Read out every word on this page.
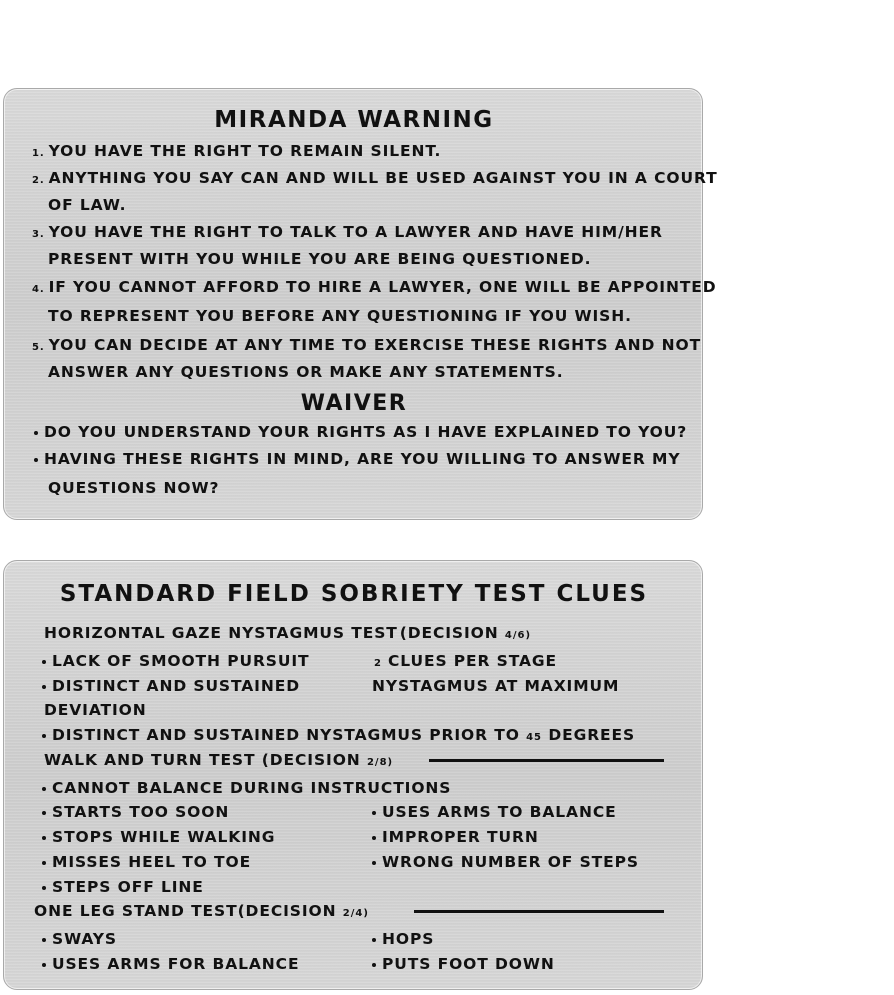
MIRANDA WARNING
1. YOU HAVE THE RIGHT TO REMAIN SILENT.
2. ANYTHING YOU SAY CAN AND WILL BE USED AGAINST YOU IN A COURT
OF LAW.
3. YOU HAVE THE RIGHT TO TALK TO A LAWYER AND HAVE HIM/HER
PRESENT WITH YOU WHILE YOU ARE BEING QUESTIONED.
4. IF YOU CANNOT AFFORD TO HIRE A LAWYER, ONE WILL BE APPOINTED
TO REPRESENT YOU BEFORE ANY QUESTIONING IF YOU WISH.
5. YOU CAN DECIDE AT ANY TIME TO EXERCISE THESE RIGHTS AND NOT
ANSWER ANY QUESTIONS OR MAKE ANY STATEMENTS.
WAIVER
DO YOU UNDERSTAND YOUR RIGHTS AS I HAVE EXPLAINED TO YOU?
HAVING THESE RIGHTS IN MIND, ARE YOU WILLING TO ANSWER MY
QUESTIONS NOW?
STANDARD FIELD SOBRIETY TEST CLUES
HORIZONTAL GAZE NYSTAGMUS TEST (DECISION 4/6)
LACK OF SMOOTH PURSUIT	2 CLUES PER STAGE
DISTINCT AND SUSTAINED	NYSTAGMUS AT MAXIMUM
DEVIATION
DISTINCT AND SUSTAINED NYSTAGMUS PRIOR TO 45 DEGREES
WALK AND TURN TEST (DECISION 2/8)
CANNOT BALANCE DURING INSTRUCTIONS
STARTS TOO SOON	USES ARMS TO BALANCE
STOPS WHILE WALKING	IMPROPER TURN
MISSES HEEL TO TOE	WRONG NUMBER OF STEPS
STEPS OFF LINE
ONE LEG STAND TEST(DECISION 2/4)
SWAYS	HOPS
USES ARMS FOR BALANCE	PUTS FOOT DOWN
